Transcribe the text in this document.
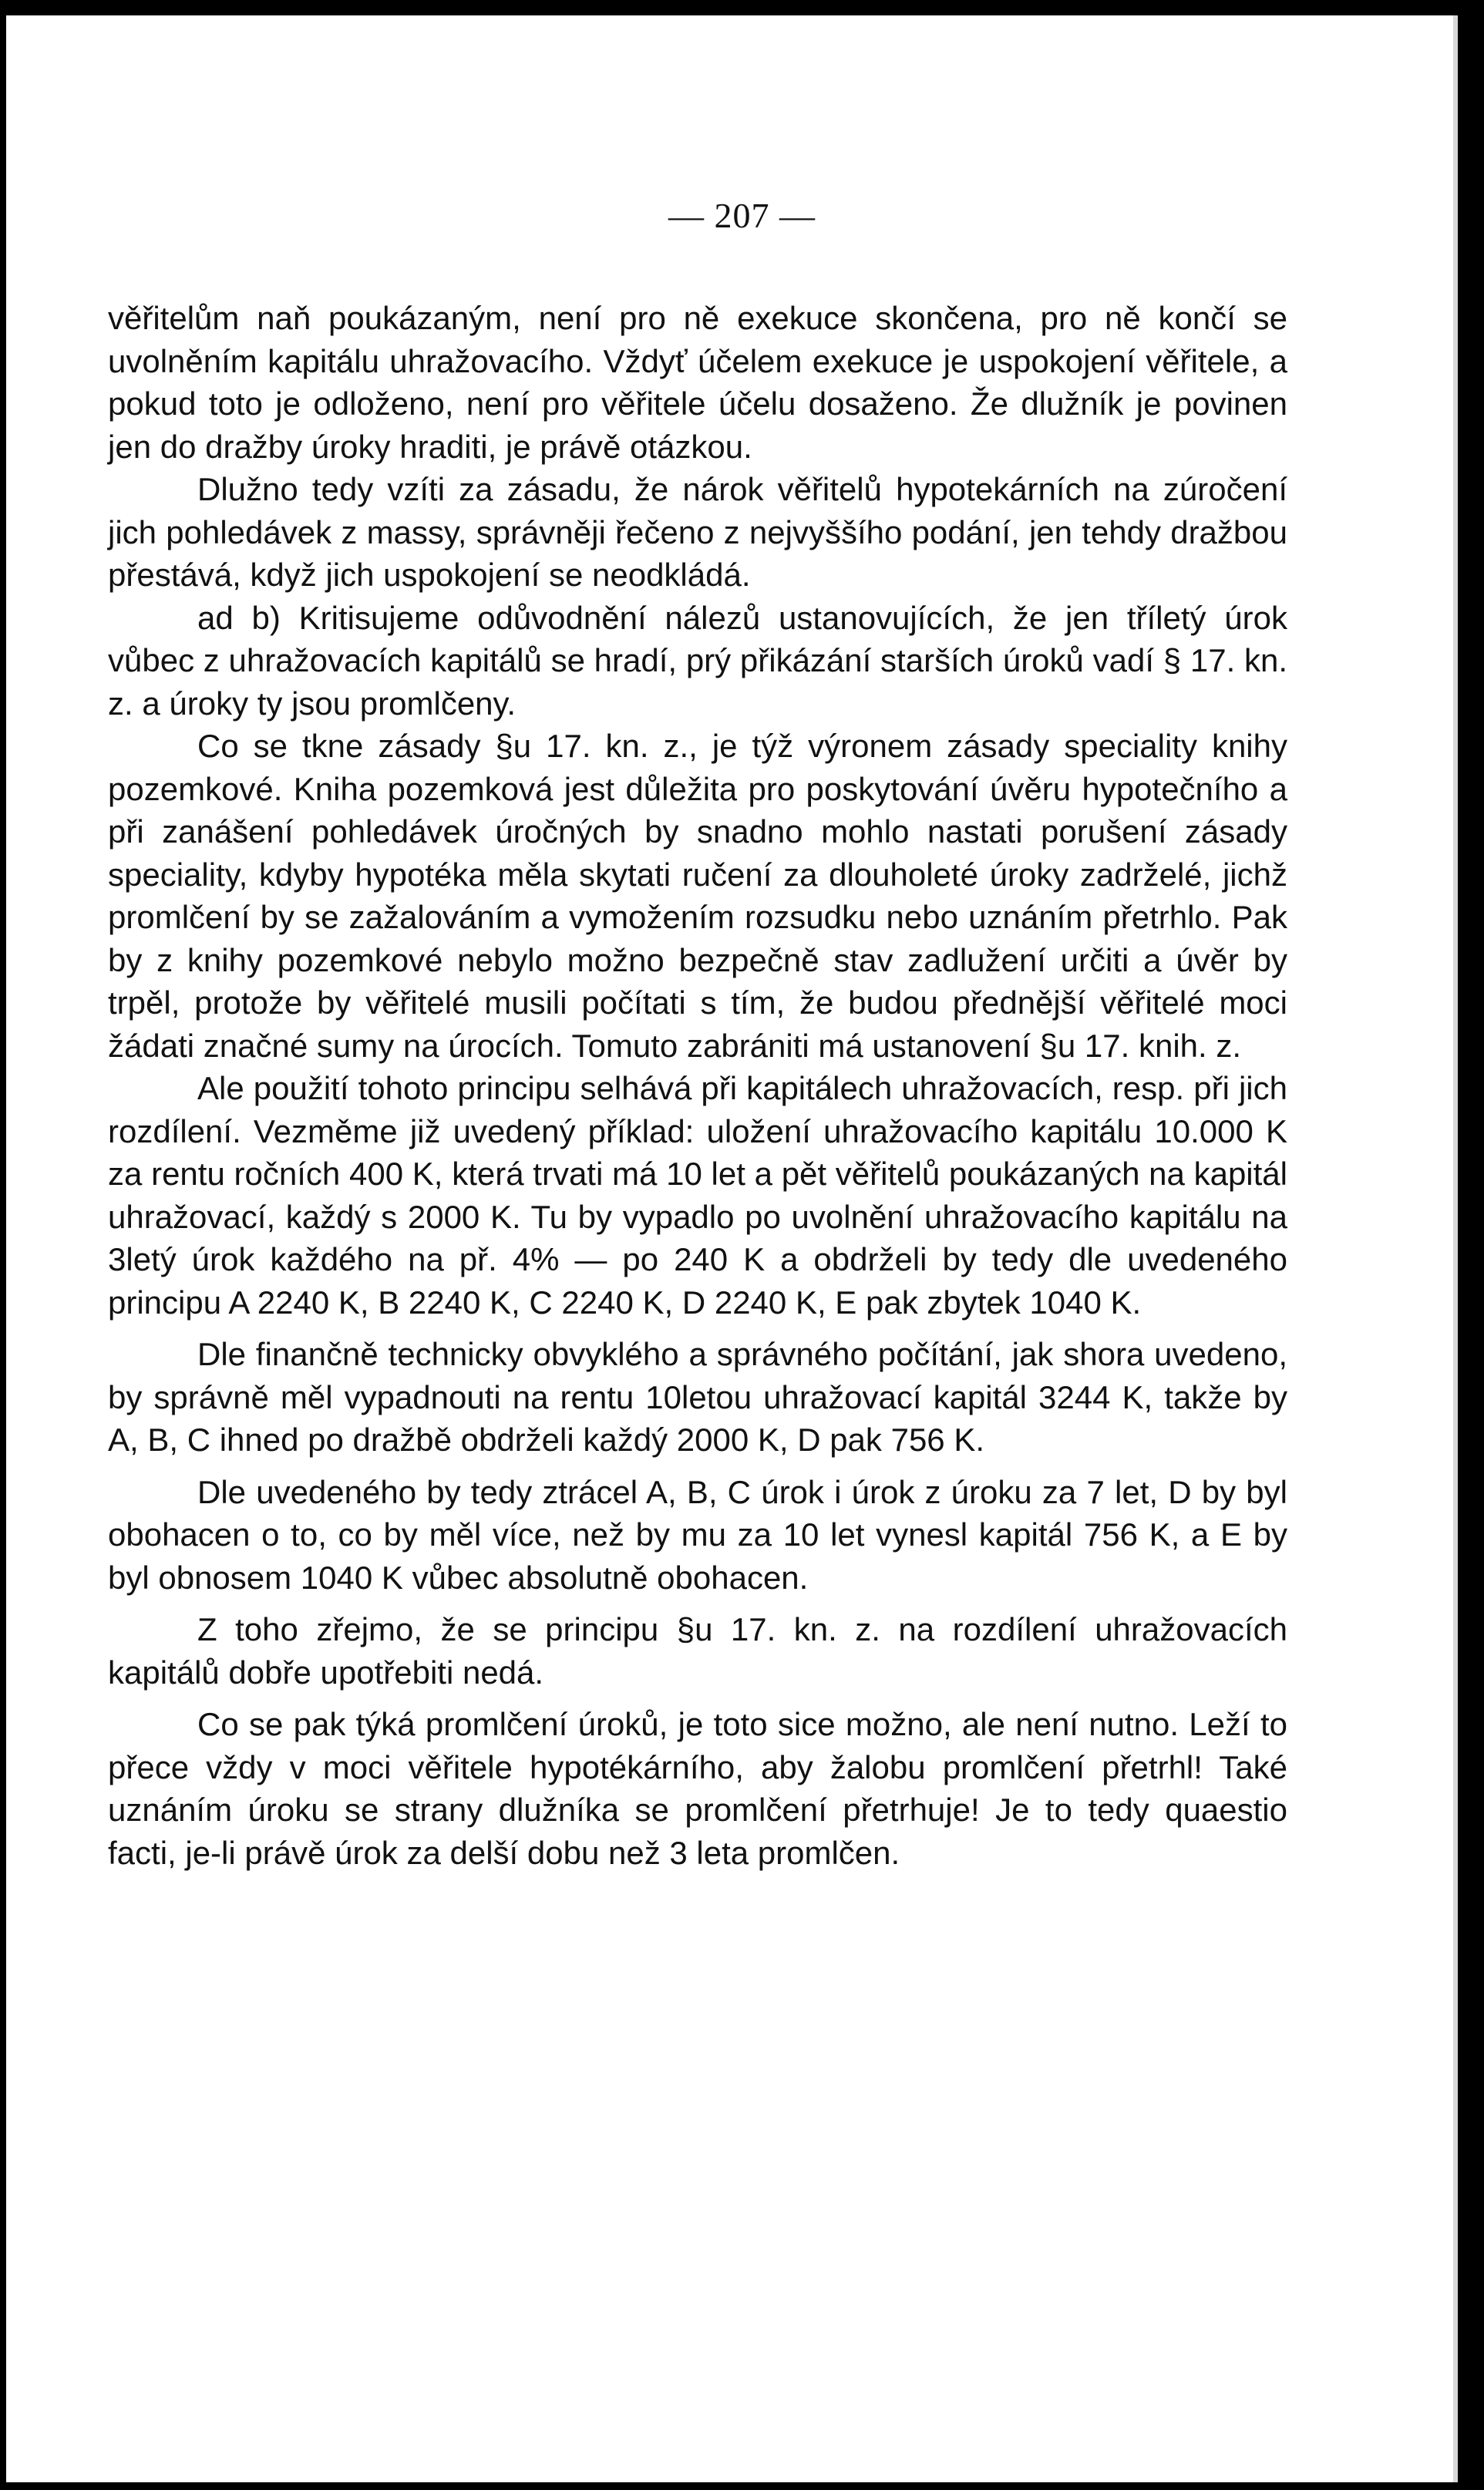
— 207 —

věřitelům naň poukázaným, není pro ně exekuce skončena, pro ně končí se uvolněním kapitálu uhražovacího. Vždyť účelem exekuce je uspokojení věřitele, a pokud toto je odloženo, není pro věřitele účelu dosaženo. Že dlužník je povinen jen do dražby úroky hraditi, je právě otázkou.

Dlužno tedy vzíti za zásadu, že nárok věřitelů hypotekárních na zúročení jich pohledávek z massy, správněji řečeno z nejvyššího podání, jen tehdy dražbou přestává, když jich uspokojení se neodkládá.

ad b) Kritisujeme odůvodnění nálezů ustanovujících, že jen tříletý úrok vůbec z uhražovacích kapitálů se hradí, prý přikázání starších úroků vadí § 17. kn. z. a úroky ty jsou promlčeny.

Co se tkne zásady §u 17. kn. z., je týž výronem zásady speciality knihy pozemkové. Kniha pozemková jest důležita pro poskytování úvěru hypotečního a při zanášení pohledávek úročných by snadno mohlo nastati porušení zásady speciality, kdyby hypotéka měla skytati ručení za dlouholeté úroky zadrželé, jichž promlčení by se zažalováním a vymožením rozsudku nebo uznáním přetrhlo. Pak by z knihy pozemkové nebylo možno bezpečně stav zadlužení určiti a úvěr by trpěl, protože by věřitelé musili počítati s tím, že budou přednější věřitelé moci žádati značné sumy na úrocích. Tomuto zabrániti má ustanovení §u 17. knih. z.

Ale použití tohoto principu selhává při kapitálech uhražovacích, resp. při jich rozdílení. Vezměme již uvedený příklad: uložení uhražovacího kapitálu 10.000 K za rentu ročních 400 K, která trvati má 10 let a pět věřitelů poukázaných na kapitál uhražovací, každý s 2000 K. Tu by vypadlo po uvolnění uhražovacího kapitálu na 3letý úrok každého na př. 4% — po 240 K a obdrželi by tedy dle uvedeného principu A 2240 K, B 2240 K, C 2240 K, D 2240 K, E pak zbytek 1040 K.

Dle finančně technicky obvyklého a správného počítání, jak shora uvedeno, by správně měl vypadnouti na rentu 10letou uhražovací kapitál 3244 K, takže by A, B, C ihned po dražbě obdrželi každý 2000 K, D pak 756 K.

Dle uvedeného by tedy ztrácel A, B, C úrok i úrok z úroku za 7 let, D by byl obohacen o to, co by měl více, než by mu za 10 let vynesl kapitál 756 K, a E by byl obnosem 1040 K vůbec absolutně obohacen.

Z toho zřejmo, že se principu §u 17. kn. z. na rozdílení uhražovacích kapitálů dobře upotřebiti nedá.

Co se pak týká promlčení úroků, je toto sice možno, ale není nutno. Leží to přece vždy v moci věřitele hypotékárního, aby žalobu promlčení přetrhl! Také uznáním úroku se strany dlužníka se promlčení přetrhuje! Je to tedy quaestio facti, je-li právě úrok za delší dobu než 3 leta promlčen.
